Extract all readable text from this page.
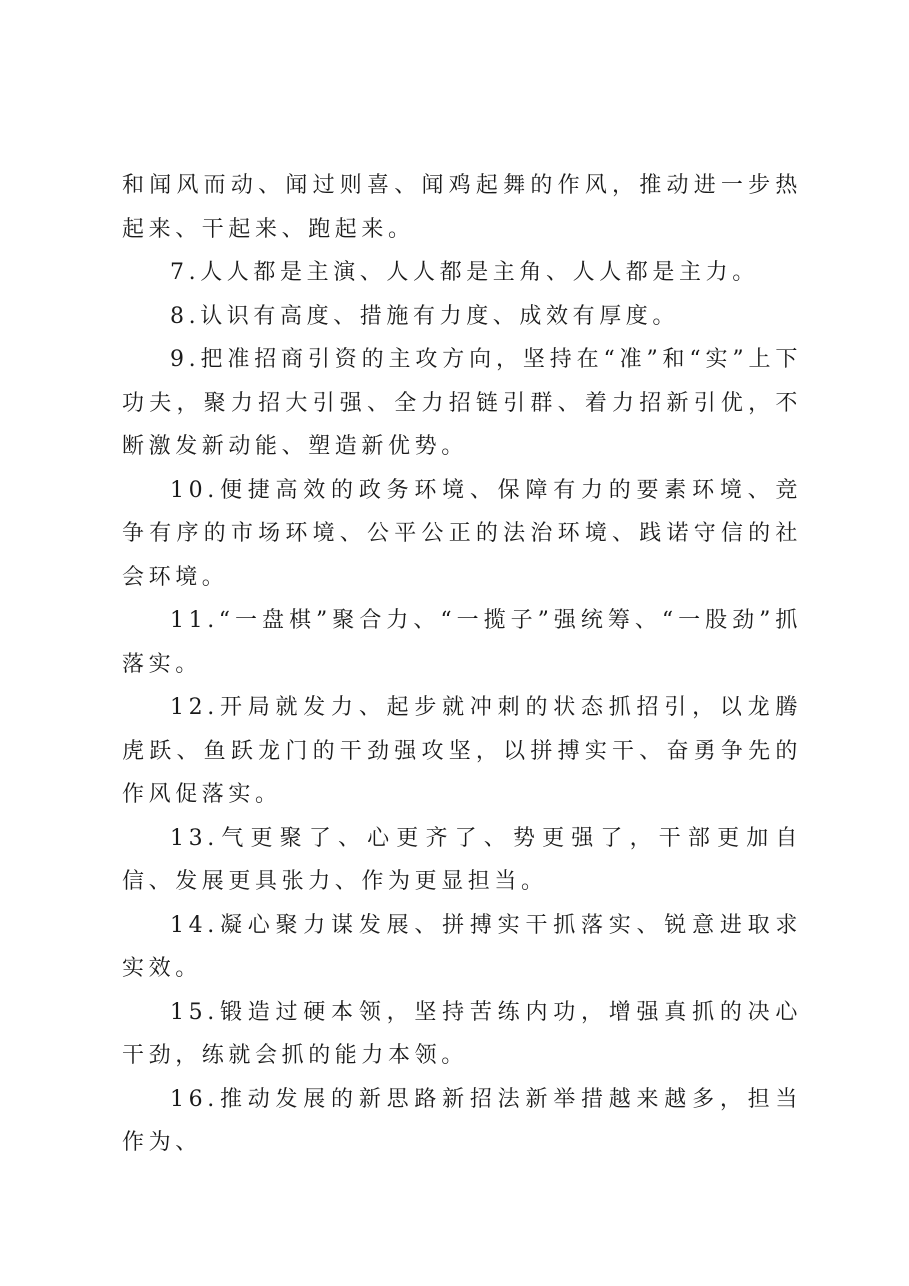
和闻风而动、闻过则喜、闻鸡起舞的作风，推动进一步热起来、干起来、跑起来。

7.人人都是主演、人人都是主角、人人都是主力。

8.认识有高度、措施有力度、成效有厚度。

9.把准招商引资的主攻方向，坚持在“准”和“实”上下功夫，聚力招大引强、全力招链引群、着力招新引优，不断激发新动能、塑造新优势。

10.便捷高效的政务环境、保障有力的要素环境、竞争有序的市场环境、公平公正的法治环境、践诺守信的社会环境。

11.“一盘棋”聚合力、“一揽子”强统筹、“一股劲”抓落实。

12.开局就发力、起步就冲刺的状态抓招引，以龙腾虎跃、鱼跃龙门的干劲强攻坚，以拼搏实干、奋勇争先的作风促落实。

13.气更聚了、心更齐了、势更强了，干部更加自信、发展更具张力、作为更显担当。

14.凝心聚力谋发展、拼搏实干抓落实、锐意进取求实效。

15.锻造过硬本领，坚持苦练内功，增强真抓的决心干劲，练就会抓的能力本领。

16.推动发展的新思路新招法新举措越来越多，担当作为、
